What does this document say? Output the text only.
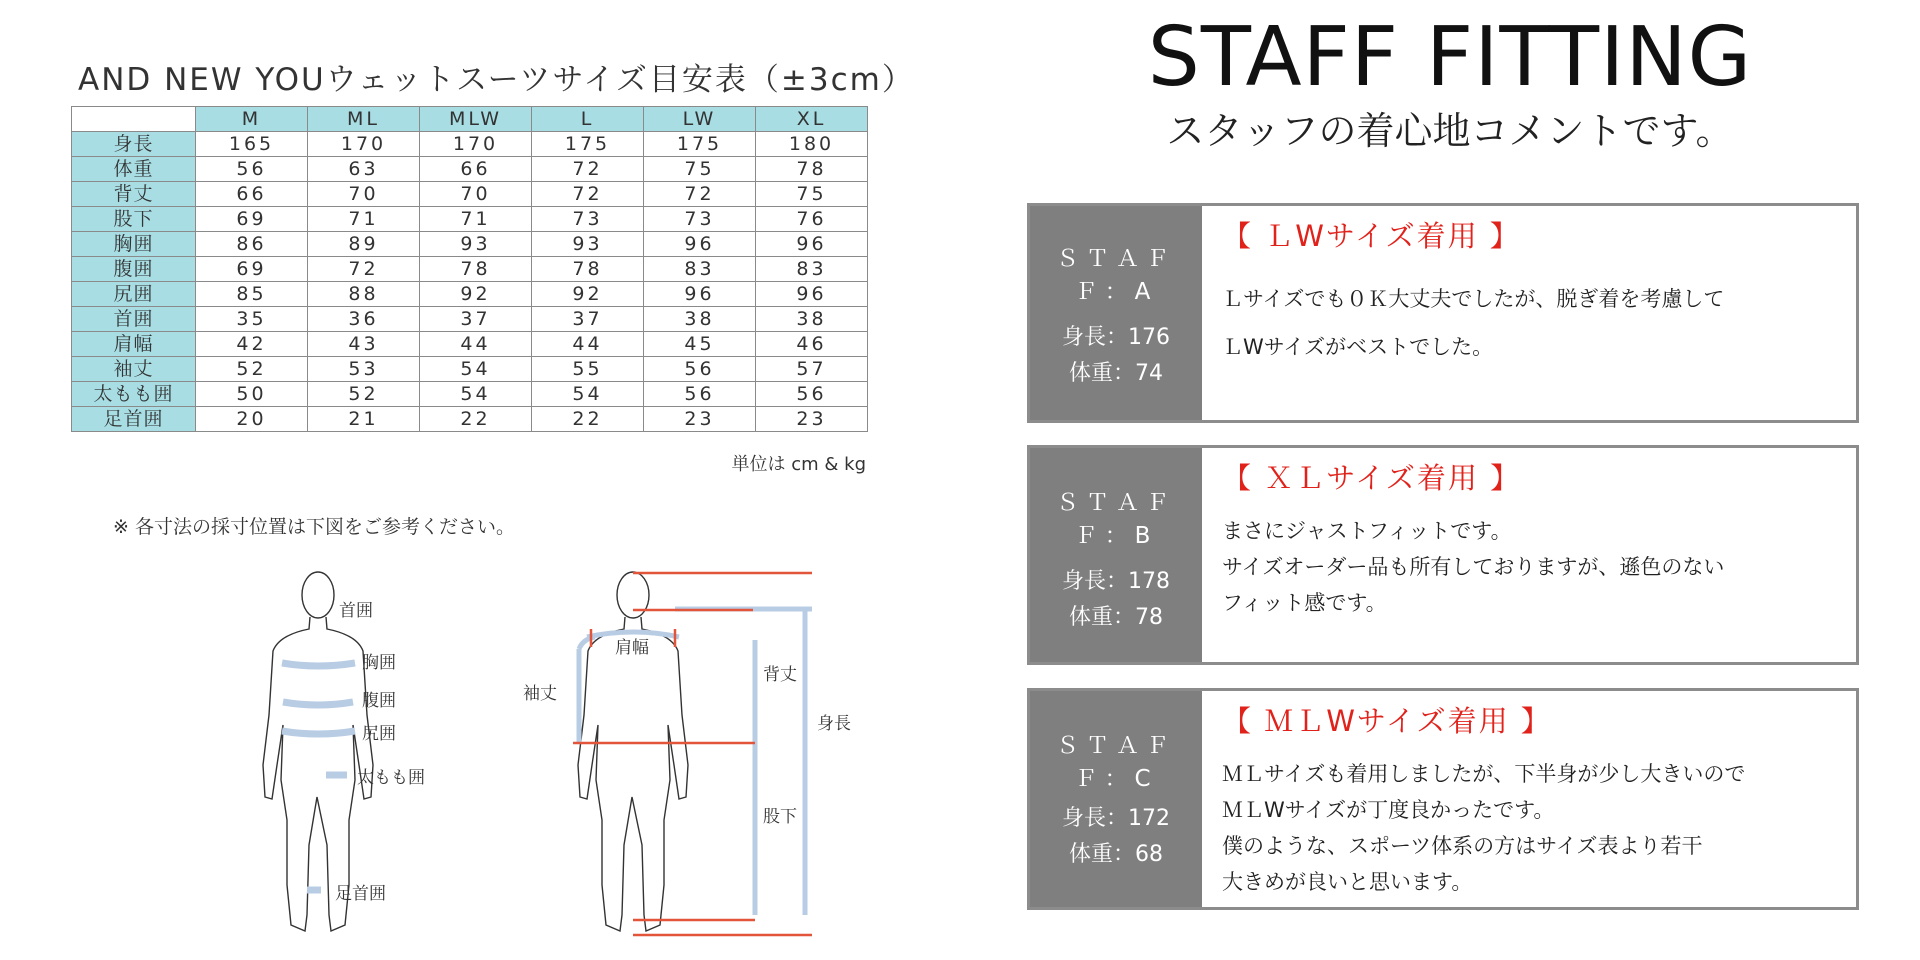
AND NEW YOUウェットスーツサイズ目安表（±3cm）
	M	ML	MLW	L	LW	XL
身長	165	170	170	175	175	180
体重	56	63	66	72	75	78
背丈	66	70	70	72	72	75
股下	69	71	71	73	73	76
胸囲	86	89	93	93	96	96
腹囲	69	72	78	78	83	83
尻囲	85	88	92	92	96	96
首囲	35	36	37	37	38	38
肩幅	42	43	44	44	45	46
袖丈	52	53	54	55	56	57
太もも囲	50	52	54	54	56	56
足首囲	20	21	22	22	23	23
単位は cm & kg
※ 各寸法の採寸位置は下図をご参考ください。
首囲
胸囲
腹囲
尻囲
太もも囲
足首囲
肩幅
袖丈
背丈
身長
股下
STAFF FITTING
スタッフの着心地コメントです。
ＳＴＡＦＦ：A
身長：176
体重：74
【 ＬWサイズ着用 】
Ｌサイズでも０Ｋ大丈夫でしたが、脱ぎ着を考慮して
ＬWサイズがベストでした。
ＳＴＡＦＦ：B
身長：178
体重：78
【 ＸＬサイズ着用 】
まさにジャストフィットです。
サイズオーダー品も所有しておりますが、遜色のない
フィット感です。
ＳＴＡＦＦ：C
身長：172
体重：68
【 ＭＬWサイズ着用 】
ＭＬサイズも着用しましたが、下半身が少し大きいので
ＭＬWサイズが丁度良かったです。
僕のような、スポーツ体系の方はサイズ表より若干
大きめが良いと思います。
